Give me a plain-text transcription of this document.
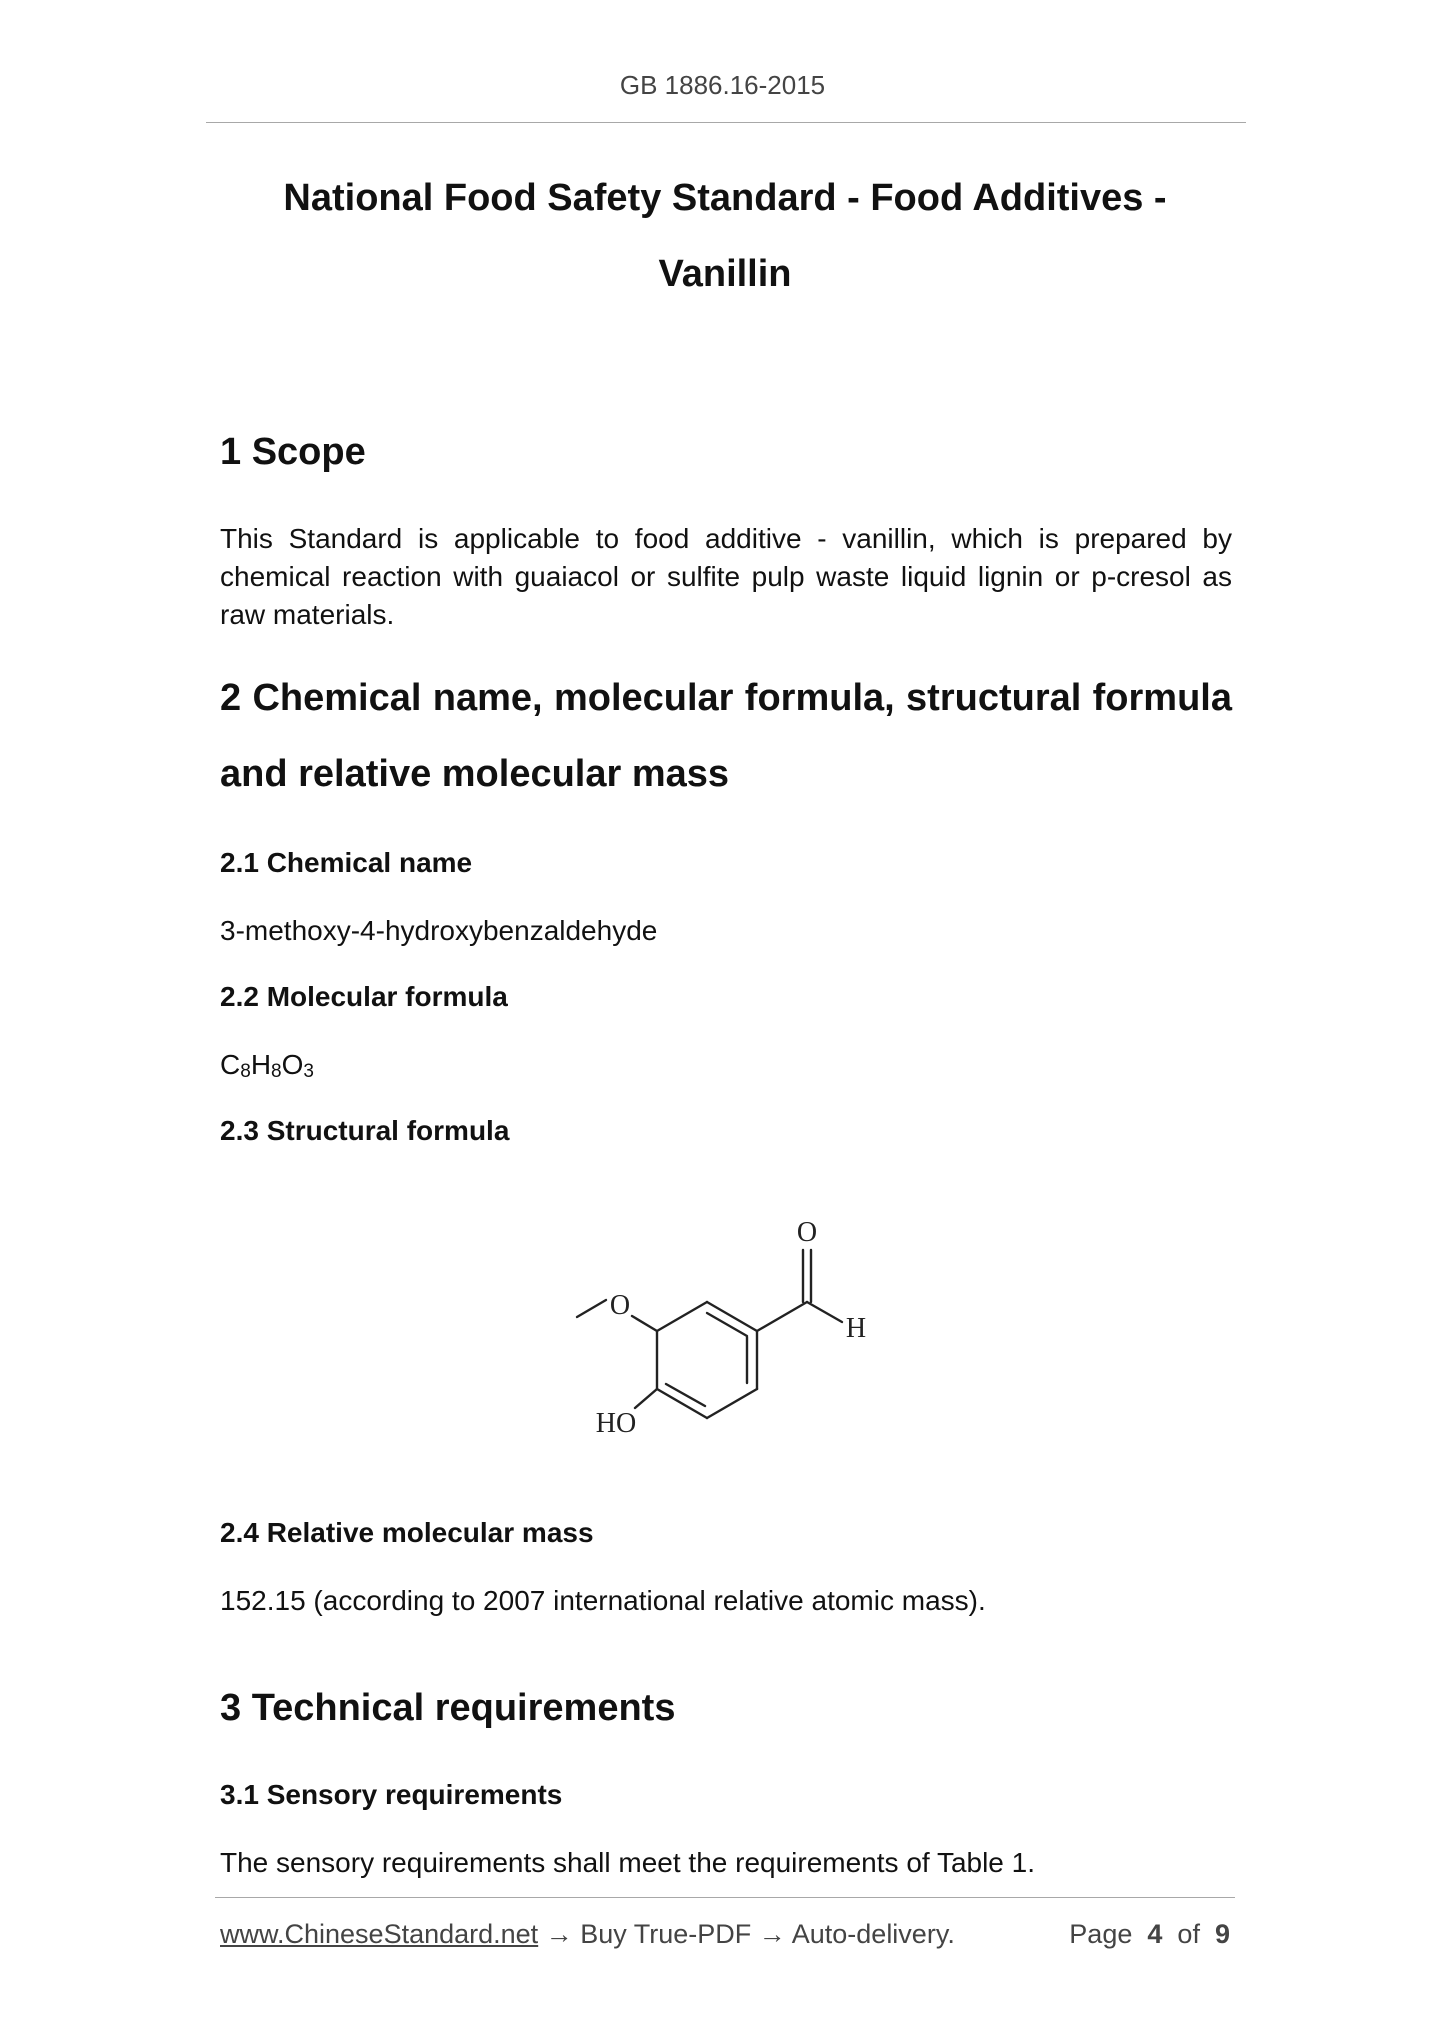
GB 1886.16-2015
National Food Safety Standard - Food Additives - Vanillin
1 Scope

This Standard is applicable to food additive - vanillin, which is prepared by chemical reaction with guaiacol or sulfite pulp waste liquid lignin or p-cresol as raw materials.

2 Chemical name, molecular formula, structural formula and relative molecular mass
2.1 Chemical name

3-methoxy-4-hydroxybenzaldehyde

2.2 Molecular formula

$C_8H_8O_3$

2.3 Structural formula
O
H
O
HO
2.4 Relative molecular mass

152.15 (according to 2007 international relative atomic mass).

3 Technical requirements
3.1 Sensory requirements

The sensory requirements shall meet the requirements of Table 1.

www.ChineseStandard.net → Buy True-PDF → Auto-delivery.	Page 4 of 9
